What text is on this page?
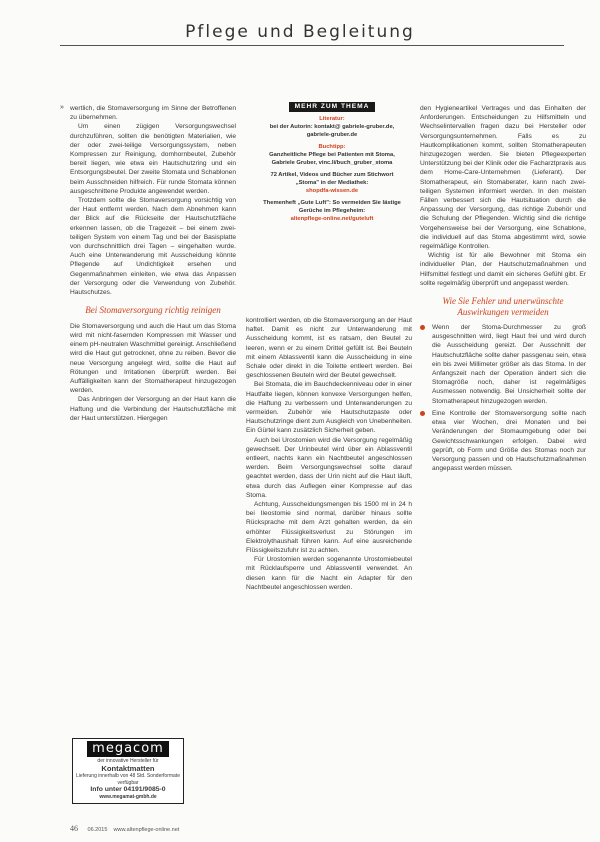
Pflege und Begleitung
» wertlich, die Stomaversorgung im Sinne der Betroffenen zu übernehmen.

Um einen zügigen Versorgungswechsel durchzuführen, sollten die benötigten Materialien, wie der oder zwei-teilige Versorgungssystem, neben Kompressen zur Reinigung, domhornbeutel, Zubehör bereit liegen, wie etwa ein Hautschutzring und ein Entsorgungsbeutel. Der zweite Stomata und Schablonen beim Ausschneiden hilfreich. Für runde Stomata können ausgeschnittene Produkte angewendet werden.

Trotzdem sollte die Stomaversorgung vorsichtig von der Haut entfernt werden. Nach dem Abnehmen kann der Blick auf die Rückseite der Hautschutzfläche erkennen lassen, ob die Tragezeit – bei einem zwei-teiligen System von einem Tag und bei der Basisplatte von durchschnittlich drei Tagen – eingehalten wurde. Auch eine Unterwanderung mit Ausscheidung könnte Pflegende auf Undichtigkeit ersehen und Gegenmaßnahmen einleiten, wie etwa das Anpassen der Versorgung oder die Verwendung von Zubehör. Hautschutzes.

Bei Stomaversorgung richtig reinigen

Die Stomaversorgung und auch die Haut um das Stoma wird mit nicht-fasernden Kompressen mit Wasser und einem pH-neutralen Waschmittel gereinigt. Anschließend wird die Haut gut getrocknet, ohne zu reiben. Bevor die neue Versorgung angelegt wird, sollte die Haut auf Rötungen und Irritationen überprüft werden. Bei Auffälligkeiten kann der Stomatherapeut hinzugezogen werden.

Das Anbringen der Versorgung an der Haut kann die Haftung und die Verbindung der Hautschutzfläche mit der Haut unterstützen. Hiergegen

MEHR ZUM THEMA

Literatur:
bei der Autorin: kontakt@ gabriele-gruber.de, gabriele-gruber.de

Buchtipp:
Ganzheitliche Pflege bei Patienten mit Stoma, Gabriele Gruber, vinc.li/buch_gruber_stoma

72 Artikel, Videos und Bücher zum Stichwort „Stoma" in der Mediathek:
shopdfa-wissen.de

Themenheft „Gute Luft": So vermeiden Sie lästige Gerüche im Pflegeheim:
altenpflege-online.net/guteluft

kontrolliert werden, ob die Stomaversorgung an der Haut haftet. Damit es nicht zur Unterwanderung mit Ausscheidung kommt, ist es ratsam, den Beutel zu leeren, wenn er zu einem Drittel gefüllt ist. Bei Beuteln mit einem Ablassventil kann die Ausscheidung in eine Schale oder direkt in die Toilette entleert werden. Bei geschlossenen Beuteln wird der Beutel gewechselt.

Bei Stomata, die im Bauchdeckenniveau oder in einer Hautfalte liegen, können konvexe Versorgungen helfen, die Haftung zu verbessern und Unterwanderungen zu vermeiden. Zubehör wie Hautschutzpaste oder Hautschutzringe dient zum Ausgleich von Unebenheiten. Ein Gürtel kann zusätzlich Sicherheit geben.

Auch bei Urostomien wird die Versorgung regelmäßig gewechselt. Der Urinbeutel wird über ein Ablassventil entleert, nachts kann ein Nachtbeutel angeschlossen werden. Beim Versorgungswechsel sollte darauf geachtet werden, dass der Urin nicht auf die Haut läuft, etwa durch das Auflegen einer Kompresse auf das Stoma.

Achtung, Ausscheidungsmengen bis 1500 ml in 24 h bei Ileostomie sind normal, darüber hinaus sollte Rücksprache mit dem Arzt gehalten werden, da ein erhöhter Flüssigkeitsverlust zu Störungen im Elektrolythaushalt führen kann. Auf eine ausreichende Flüssigkeitszufuhr ist zu achten.

Für Urostomien werden sogenannte Urostomiebeutel mit Rücklaufsperre und Ablassventil verwendet. An diesen kann für die Nacht ein Adapter für den Nachtbeutel angeschlossen werden.

den Hygieneartikel Vertrages und das Einhalten der Anforderungen. Entscheidungen zu Hilfsmitteln und Wechselintervallen fragen dazu bei Hersteller oder Versorgungsunternehmen. Falls es zu Hautkomplikationen kommt, sollten Stomatherapeuten hinzugezogen werden. Sie bieten Pflegeexperten Unterstützung bei der Klinik oder die Facharztpraxis aus dem Home-Care-Unternehmen (Lieferant). Der Stomatherapeut, ein Stomaberater, kann nach zwei-teiligen Systemen informiert werden. In den meisten Fällen verbessert sich die Hautsituation durch die Anpassung der Versorgung, das richtige Zubehör und die Schulung der Pflegenden. Wichtig sind die richtige Vorgehensweise bei der Versorgung, eine Schablone, die individuell auf das Stoma abgestimmt wird, sowie regelmäßige Kontrollen.

Wichtig ist für alle Bewohner mit Stoma ein individueller Plan, der Hautschutzmaßnahmen und Hilfsmittel festlegt und damit ein sicheres Gefühl gibt. Er sollte regelmäßig überprüft und angepasst werden.

Wie Sie Fehler und unerwünschte Auswirkungen vermeiden
Wenn der Stoma-Durchmesser zu groß ausgeschnitten wird, liegt Haut frei und wird durch die Ausscheidung gereizt. Der Ausschnitt der Hautschutzfläche sollte daher passgenau sein, etwa ein bis zwei Millimeter größer als das Stoma. In der Anfangszeit nach der Operation ändert sich die Stomagröße noch, daher ist regelmäßiges Ausmessen notwendig. Bei Unsicherheit sollte der Stomatherapeut hinzugezogen werden.
Eine Kontrolle der Stomaversorgung sollte nach etwa vier Wochen, drei Monaten und bei Veränderungen der Stomaumgebung oder bei Gewichtsschwankungen erfolgen. Dabei wird geprüft, ob Form und Größe des Stomas noch zur Versorgung passen und ob Hautschutzmaßnahmen angepasst werden müssen.
megacom
der innovative Hersteller für
Kontaktmatten
Lieferung innerhalb von 48 Std. Sonderformate verfügbar
Info unter 04191/9085-0
www.megamat-gmbh.de
46 06.2015 www.altenpflege-online.net
